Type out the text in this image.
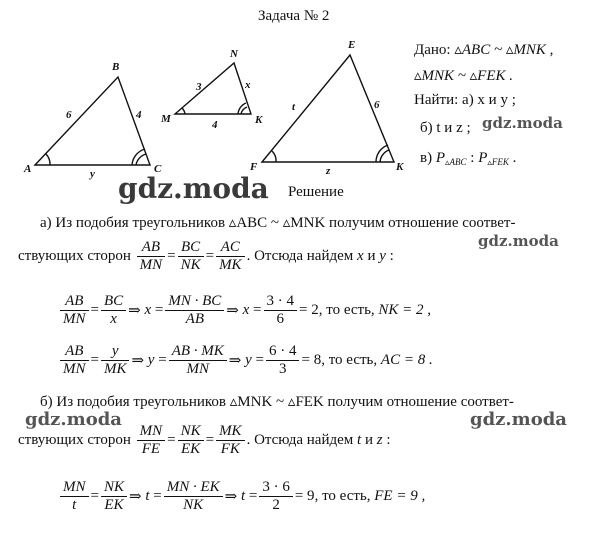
Задача № 2
A
B
C
6	4
y
M
N
K
3	x
4
F
E
K
t	6
z
Дано: ▵ABC ~ ▵MNK ,
▵MNK ~ ▵FEK .
Найти: а) x и y ;
б) t и z ;
в) $P_{▵ABC}$ : $P_{▵FEK}$ .
gdz.moda
gdz.moda
gdz.moda
gdz.moda	gdz.moda
Решение
а) Из подобия треугольников ▵ABC ~ ▵MNK получим отношение соответ-
ствующих сторон
$\frac{AB}{MN} = \frac{BC}{NK} = \frac{AC}{MK}$ . Отсюда найдем
x
и
y
:
$\frac{AB}{MN} = \frac{BC}{x}$ ⇒
x
= $\frac{MN \cdot BC}{AB}$ ⇒
x
= $\frac{3 \cdot 4}{6} = 2$ , то есть,
NK = 2 ,
$\frac{AB}{MN} = \frac{y}{MK}$ ⇒
y
= $\frac{AB \cdot MK}{MN}$ ⇒
y
= $\frac{6 \cdot 4}{3} = 8$ , то есть,
AC = 8 .
б) Из подобия треугольников ▵MNK ~ ▵FEK получим отношение соответ-
ствующих сторон
$\frac{MN}{FE} = \frac{NK}{EK} = \frac{MK}{FK}$ . Отсюда найдем
t
и
z
:
$\frac{MN}{t} = \frac{NK}{EK}$ ⇒
t
= $\frac{MN \cdot EK}{NK}$ ⇒
t
= $\frac{3 \cdot 6}{2} = 9$ , то есть,
FE = 9 ,
